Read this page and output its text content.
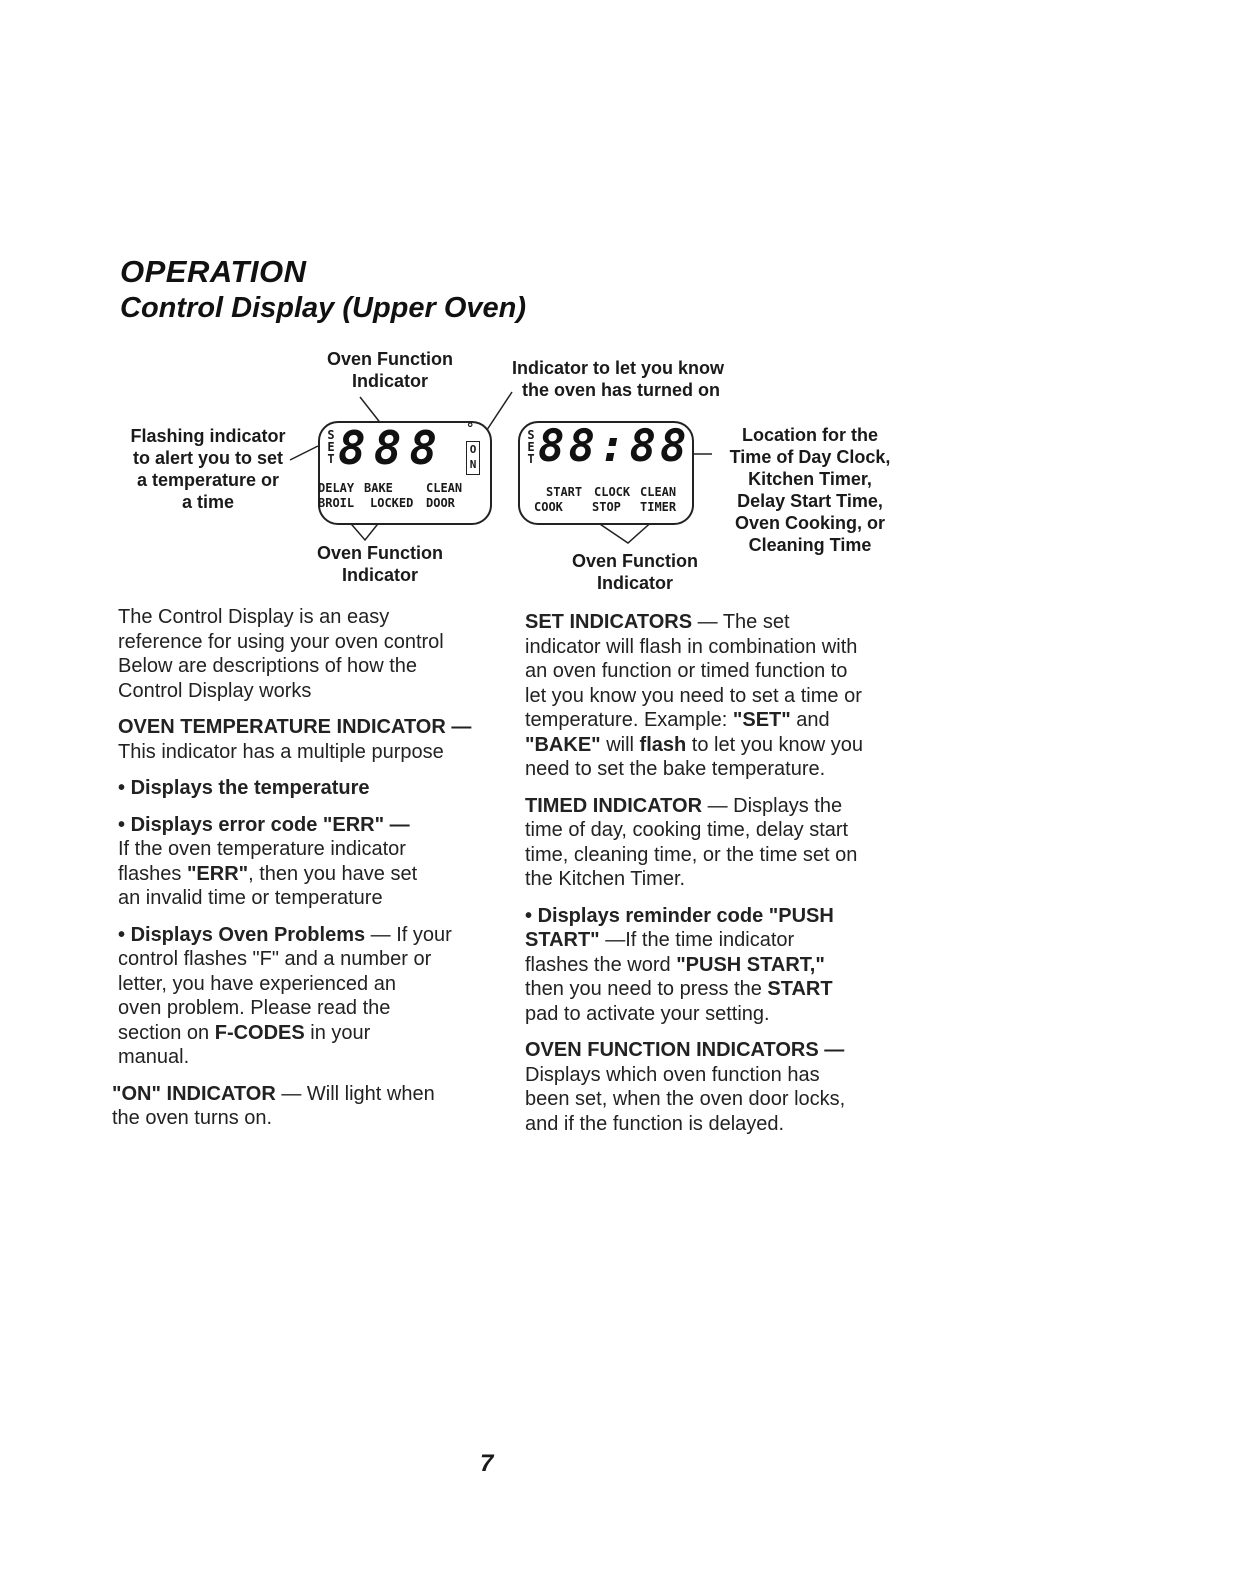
OPERATION
Control Display (Upper Oven)
Oven Function
Indicator
Indicator to let you know
the oven has turned on
Flashing indicator
to alert you to set
a temperature or
a time
Location for the
Time of Day Clock,
Kitchen Timer,
Delay Start Time,
Oven Cooking, or
Cleaning Time
Oven Function
Indicator
Oven Function
Indicator
S
E
T 888 °
O
N
DELAY BAKE	CLEAN
BROIL LOCKED DOOR
S
E
T 88:88
START CLOCK CLEAN
COOK STOP TIMER
The Control Display is an easy
reference for using your oven control
Below are descriptions of how the
Control Display works
OVEN TEMPERATURE INDICATOR —
This indicator has a multiple purpose
• Displays the temperature
• Displays error code "ERR" —
If the oven temperature indicator
flashes "ERR", then you have set
an invalid time or temperature
• Displays Oven Problems — If your
control flashes "F" and a number or
letter, you have experienced an
oven problem. Please read the
section on F-CODES in your
manual.
"ON" INDICATOR — Will light when
the oven turns on.
SET INDICATORS — The set
indicator will flash in combination with
an oven function or timed function to
let you know you need to set a time or
temperature. Example: "SET" and
"BAKE" will flash to let you know you
need to set the bake temperature.
TIMED INDICATOR — Displays the
time of day, cooking time, delay start
time, cleaning time, or the time set on
the Kitchen Timer.
• Displays reminder code "PUSH
START" —If the time indicator
flashes the word "PUSH START,"
then you need to press the START
pad to activate your setting.
OVEN FUNCTION INDICATORS —
Displays which oven function has
been set, when the oven door locks,
and if the function is delayed.
7
